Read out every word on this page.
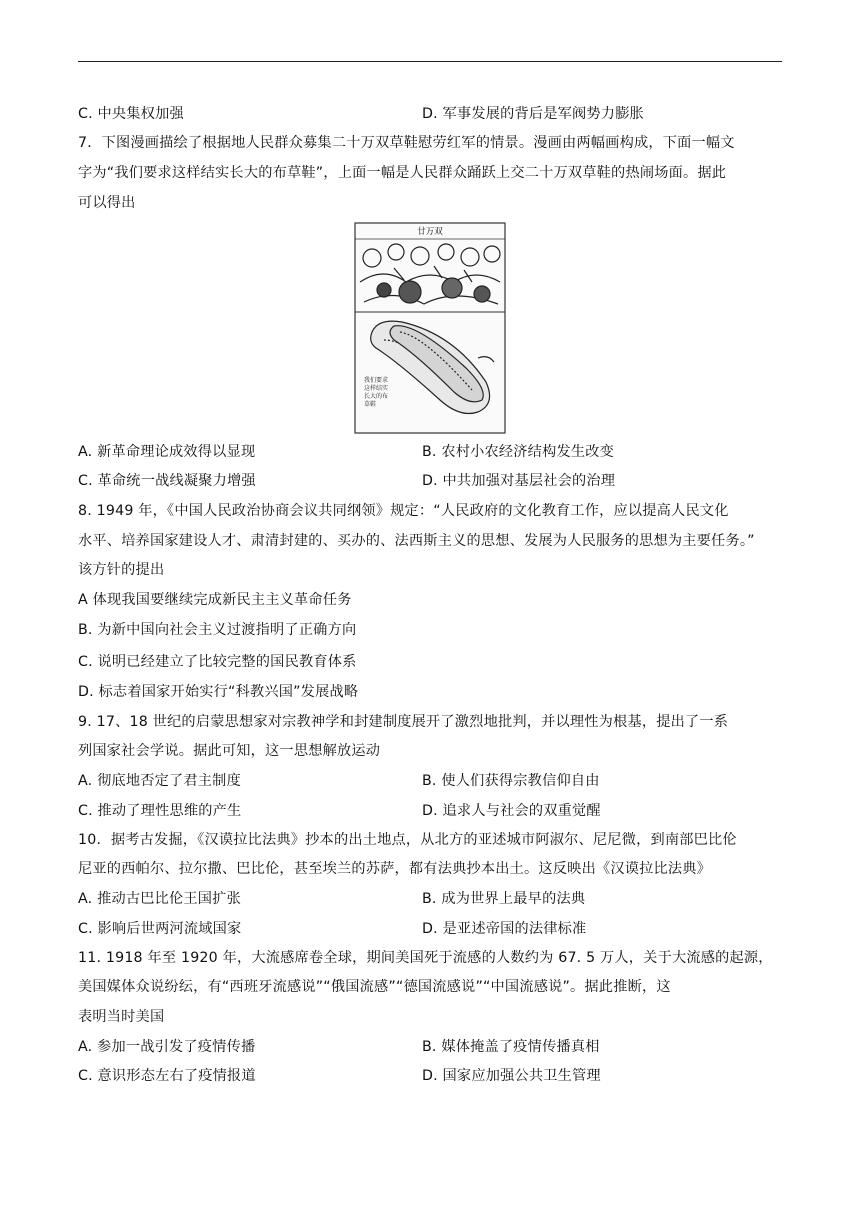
C. 中央集权加强	D. 军事发展的背后是军阀势力膨胀
7．下图漫画描绘了根据地人民群众募集二十万双草鞋慰劳红军的情景。漫画由两幅画构成，下面一幅文
字为“我们要求这样结实长大的布草鞋”，上面一幅是人民群众踊跃上交二十万双草鞋的热闹场面。据此
可以得出
廿万双
我们要求
这样结实
长大的布
草鞋
A. 新革命理论成效得以显现	B. 农村小农经济结构发生改变
C. 革命统一战线凝聚力增强	D. 中共加强对基层社会的治理
8. 1949 年，《中国人民政治协商会议共同纲领》规定：“人民政府的文化教育工作，应以提高人民文化
水平、培养国家建设人才、肃清封建的、买办的、法西斯主义的思想、发展为人民服务的思想为主要任务。”
该方针的提出
A 体现我国要继续完成新民主主义革命任务
B. 为新中国向社会主义过渡指明了正确方向
C. 说明已经建立了比较完整的国民教育体系
D. 标志着国家开始实行“科教兴国”发展战略
9. 17、18 世纪的启蒙思想家对宗教神学和封建制度展开了激烈地批判，并以理性为根基，提出了一系
列国家社会学说。据此可知，这一思想解放运动
A. 彻底地否定了君主制度	B. 使人们获得宗教信仰自由
C. 推动了理性思维的产生	D. 追求人与社会的双重觉醒
10．据考古发掘，《汉谟拉比法典》抄本的出土地点，从北方的亚述城市阿淑尔、尼尼微，到南部巴比伦
尼亚的西帕尔、拉尔撒、巴比伦，甚至埃兰的苏萨，都有法典抄本出土。这反映出《汉谟拉比法典》
A. 推动古巴比伦王国扩张	B. 成为世界上最早的法典
C. 影响后世两河流域国家	D. 是亚述帝国的法律标准
11. 1918 年至 1920 年，大流感席卷全球，期间美国死于流感的人数约为 67. 5 万人，关于大流感的起源，
美国媒体众说纷纭，有“西班牙流感说”“俄国流感”“德国流感说”“中国流感说”。据此推断，这
表明当时美国
A. 参加一战引发了疫情传播	B. 媒体掩盖了疫情传播真相
C. 意识形态左右了疫情报道	D. 国家应加强公共卫生管理
